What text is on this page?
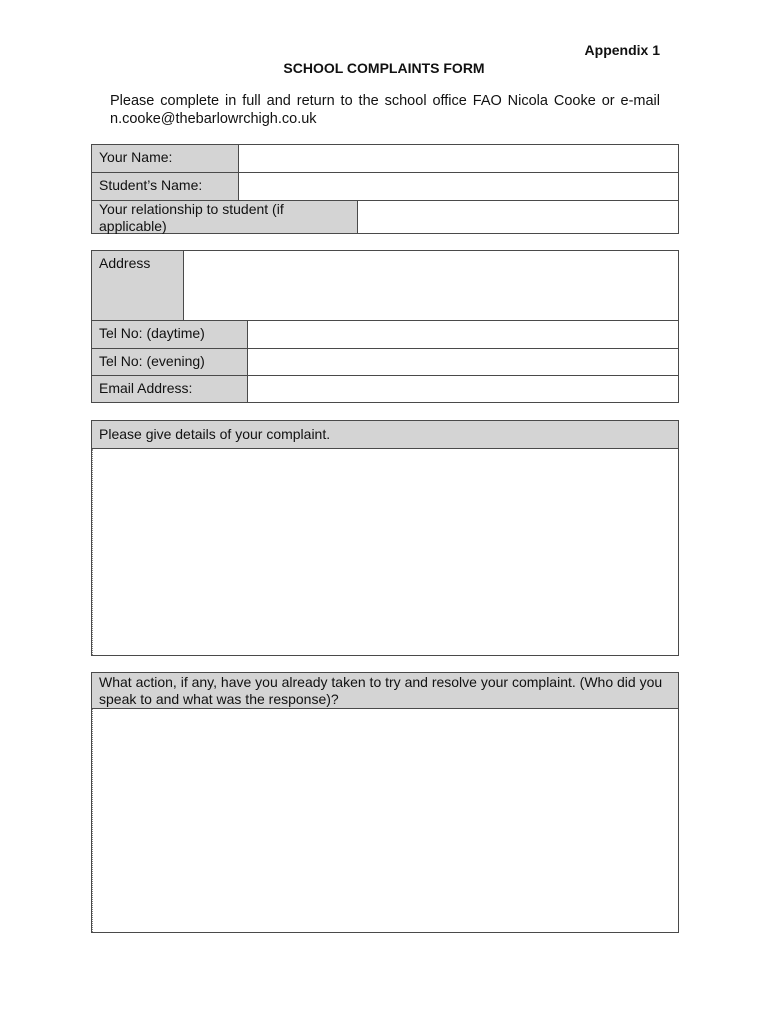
Appendix 1
SCHOOL COMPLAINTS FORM
Please complete in full and return to the school office FAO Nicola Cooke or e-mail n.cooke@thebarlowrchigh.co.uk
Your Name:
Student’s Name:
Your relationship to student (if applicable)
Address
Tel No: (daytime)
Tel No: (evening)
Email Address:
Please give details of your complaint.
What action, if any, have you already taken to try and resolve your complaint. (Who did you speak to and what was the response)?
